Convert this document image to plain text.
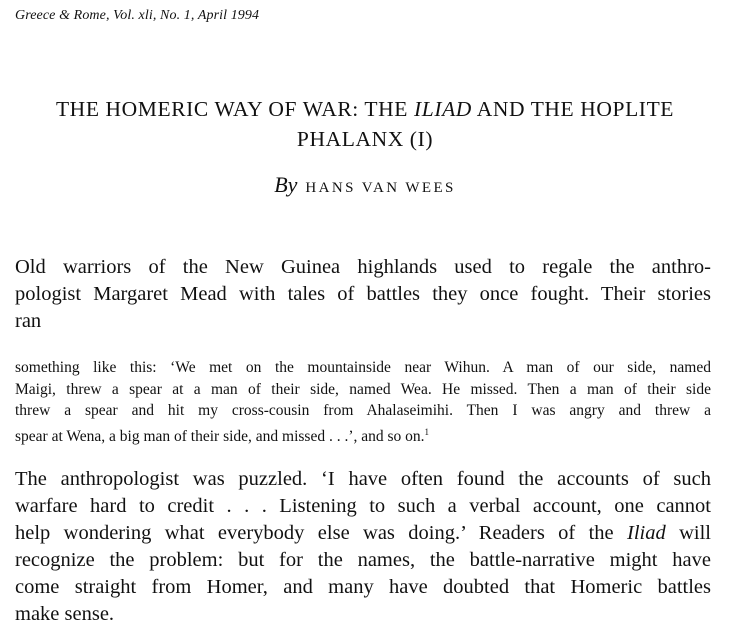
Greece & Rome, Vol. xli, No. 1, April 1994
THE HOMERIC WAY OF WAR: THE ILIAD AND THE HOPLITE
PHALANX (I)
By HANS VAN WEES
Old warriors of the New Guinea highlands used to regale the anthro-
pologist Margaret Mead with tales of battles they once fought. Their stories
ran
something like this: ‘We met on the mountainside near Wihun. A man of our side, named
Maigi, threw a spear at a man of their side, named Wea. He missed. Then a man of their side
threw a spear and hit my cross-cousin from Ahalaseimihi. Then I was angry and threw a
spear at Wena, a big man of their side, and missed . . .’, and so on.$^1$
The anthropologist was puzzled. ‘I have often found the accounts of such
warfare hard to credit . . . Listening to such a verbal account, one cannot
help wondering what everybody else was doing.’ Readers of the Iliad will
recognize the problem: but for the names, the battle-narrative might have
come straight from Homer, and many have doubted that Homeric battles
make sense.
